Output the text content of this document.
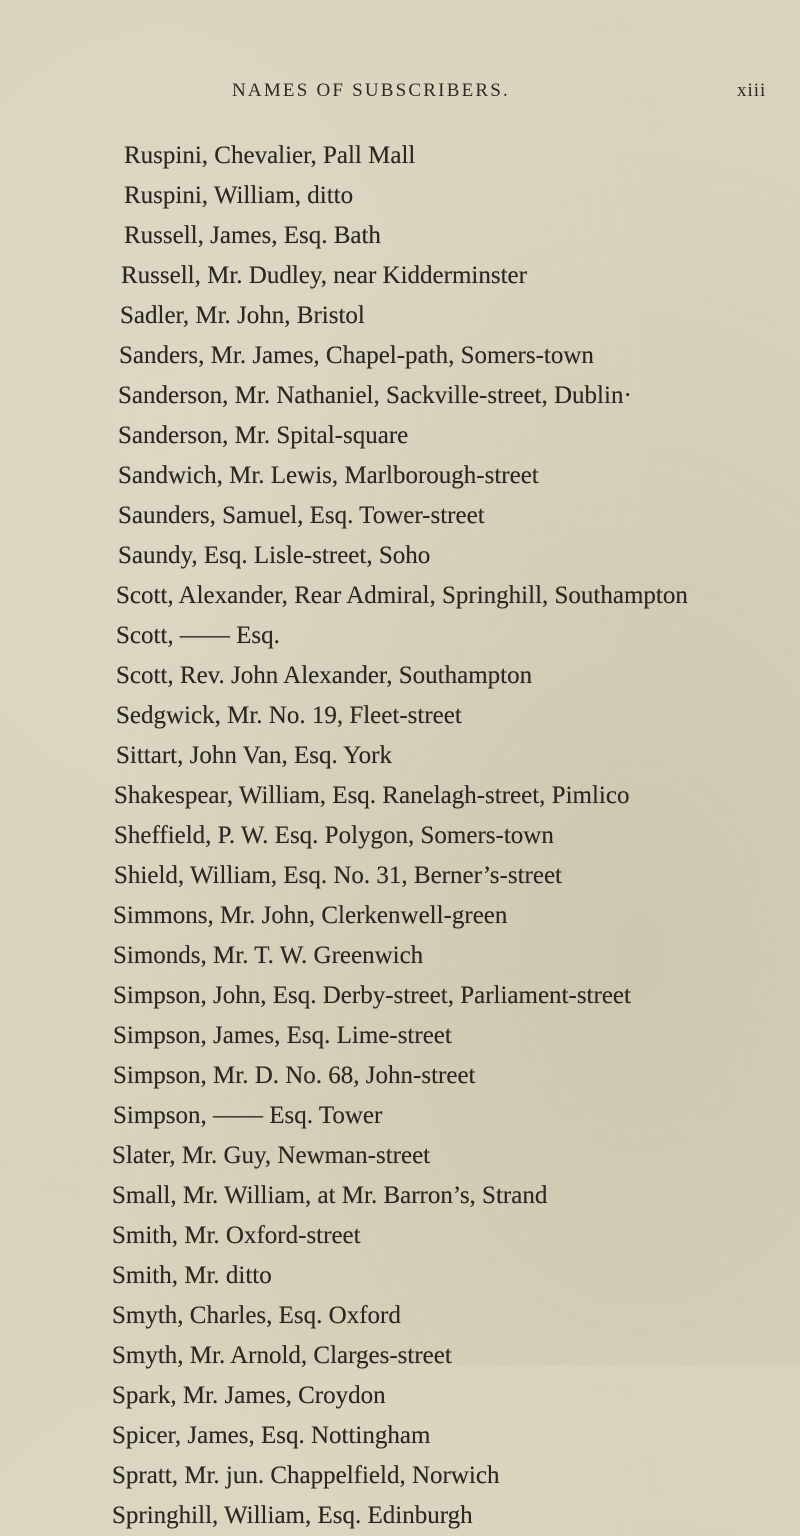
NAMES OF SUBSCRIBERS.	xiii
Ruspini, Chevalier, Pall Mall
Ruspini, William, ditto
Russell, James, Esq. Bath
Russell, Mr. Dudley, near Kidderminster
Sadler, Mr. John, Bristol
Sanders, Mr. James, Chapel-path, Somers-town
Sanderson, Mr. Nathaniel, Sackville-street, Dublin·
Sanderson, Mr. Spital-square
Sandwich, Mr. Lewis, Marlborough-street
Saunders, Samuel, Esq. Tower-street
Saundy, Esq. Lisle-street, Soho
Scott, Alexander, Rear Admiral, Springhill, Southampton
Scott, —— Esq.
Scott, Rev. John Alexander, Southampton
Sedgwick, Mr. No. 19, Fleet-street
Sittart, John Van, Esq. York
Shakespear, William, Esq. Ranelagh-street, Pimlico
Sheffield, P. W. Esq. Polygon, Somers-town
Shield, William, Esq. No. 31, Berner’s-street
Simmons, Mr. John, Clerkenwell-green
Simonds, Mr. T. W. Greenwich
Simpson, John, Esq. Derby-street, Parliament-street
Simpson, James, Esq. Lime-street
Simpson, Mr. D. No. 68, John-street
Simpson, —— Esq. Tower
Slater, Mr. Guy, Newman-street
Small, Mr. William, at Mr. Barron’s, Strand
Smith, Mr. Oxford-street
Smith, Mr. ditto
Smyth, Charles, Esq. Oxford
Smyth, Mr. Arnold, Clarges-street
Spark, Mr. James, Croydon
Spicer, James, Esq. Nottingham
Spratt, Mr. jun. Chappelfield, Norwich
Springhill, William, Esq. Edinburgh
